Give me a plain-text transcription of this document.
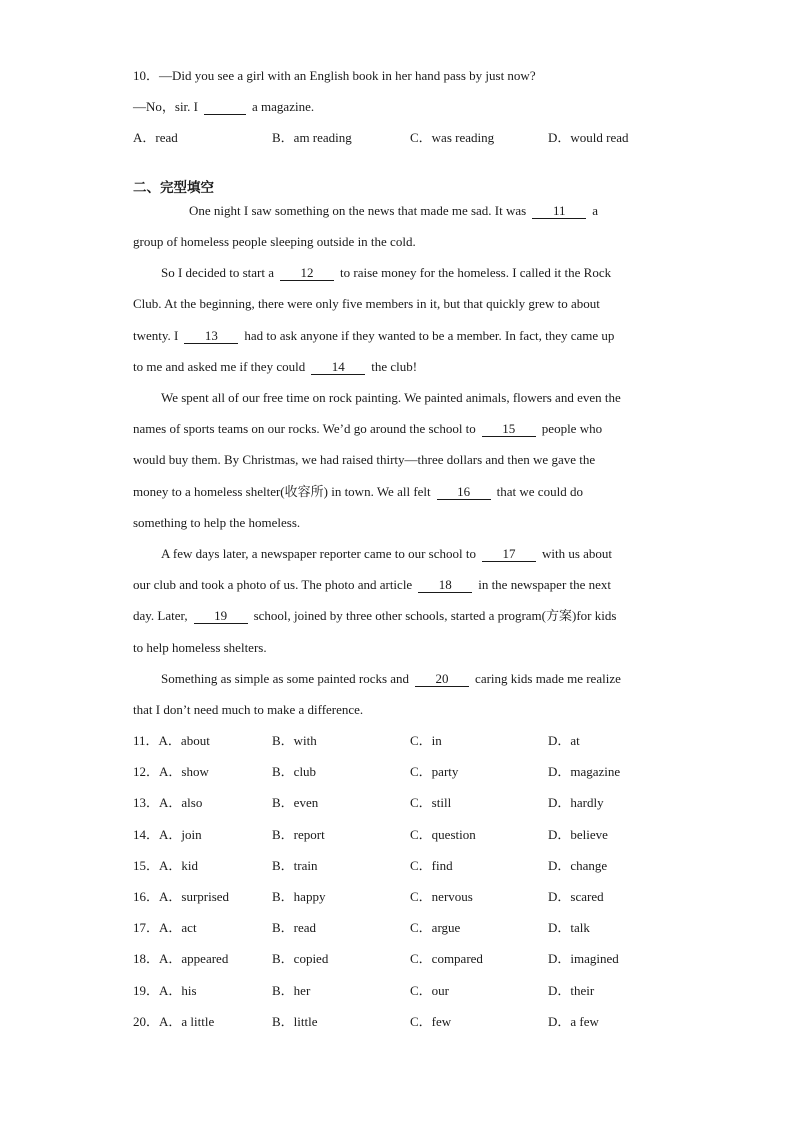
10．—Did you see a girl with an English book in her hand pass by just now?
—No，sir. I	a magazine.
A．read	B．am reading	C．was reading	D．would read
二、完型填空
One night I saw something on the news that made me sad. It was 11 a
group of homeless people sleeping outside in the cold.
So I decided to start a 12 to raise money for the homeless. I called it the Rock
Club. At the beginning, there were only five members in it, but that quickly grew to about
twenty. I 13 had to ask anyone if they wanted to be a member. In fact, they came up
to me and asked me if they could 14 the club!
We spent all of our free time on rock painting. We painted animals, flowers and even the
names of sports teams on our rocks. We’d go around the school to 15 people who
would buy them. By Christmas, we had raised thirty—three dollars and then we gave the
money to a homeless shelter(收容所) in town. We all felt 16 that we could do
something to help the homeless.
A few days later, a newspaper reporter came to our school to 17 with us about
our club and took a photo of us. The photo and article 18 in the newspaper the next
day. Later, 19 school, joined by three other schools, started a program(方案)for kids
to help homeless shelters.
Something as simple as some painted rocks and 20 caring kids made me realize
that I don’t need much to make a difference.
11．A．about	B．with	C．in	D．at
12．A．show	B．club	C．party	D．magazine
13．A．also	B．even	C．still	D．hardly
14．A．join	B．report	C．question	D．believe
15．A．kid	B．train	C．find	D．change
16．A．surprised	B．happy	C．nervous	D．scared
17．A．act	B．read	C．argue	D．talk
18．A．appeared	B．copied	C．compared	D．imagined
19．A．his	B．her	C．our	D．their
20．A．a little	B．little	C．few	D．a few
